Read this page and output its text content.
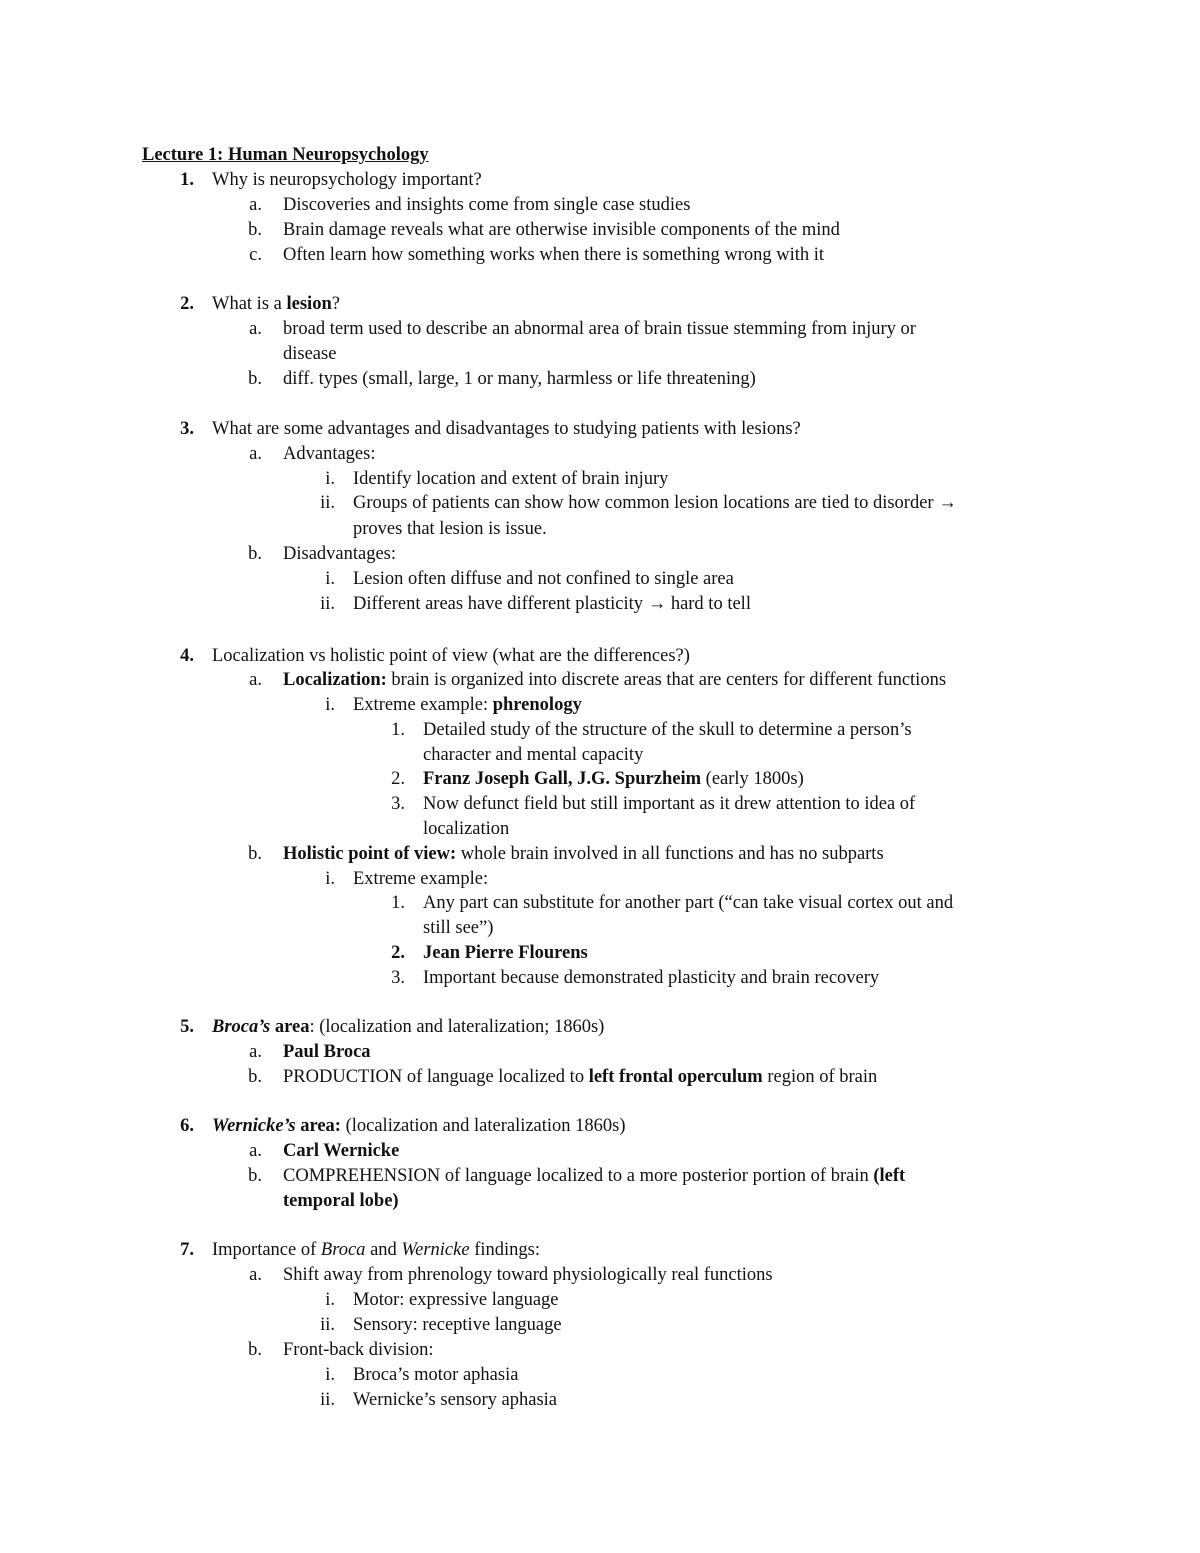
Lecture 1: Human Neuropsychology
1. Why is neuropsychology important?
a. Discoveries and insights come from single case studies
b. Brain damage reveals what are otherwise invisible components of the mind
c. Often learn how something works when there is something wrong with it
2. What is a lesion?
a. broad term used to describe an abnormal area of brain tissue stemming from injury or
disease
b. diff. types (small, large, 1 or many, harmless or life threatening)
3. What are some advantages and disadvantages to studying patients with lesions?
a. Advantages:
i. Identify location and extent of brain injury
ii. Groups of patients can show how common lesion locations are tied to disorder →
proves that lesion is issue.
b. Disadvantages:
i. Lesion often diffuse and not confined to single area
ii. Different areas have different plasticity → hard to tell
4. Localization vs holistic point of view (what are the differences?)
a. Localization: brain is organized into discrete areas that are centers for different functions
i. Extreme example: phrenology
1. Detailed study of the structure of the skull to determine a person’s
character and mental capacity
2. Franz Joseph Gall, J.G. Spurzheim (early 1800s)
3. Now defunct field but still important as it drew attention to idea of
localization
b. Holistic point of view: whole brain involved in all functions and has no subparts
i. Extreme example:
1. Any part can substitute for another part (“can take visual cortex out and
still see”)
2. Jean Pierre Flourens
3. Important because demonstrated plasticity and brain recovery
5. Broca’s area: (localization and lateralization; 1860s)
a. Paul Broca
b. PRODUCTION of language localized to left frontal operculum region of brain
6. Wernicke’s area: (localization and lateralization 1860s)
a. Carl Wernicke
b. COMPREHENSION of language localized to a more posterior portion of brain (left
temporal lobe)
7. Importance of Broca and Wernicke findings:
a. Shift away from phrenology toward physiologically real functions
i. Motor: expressive language
ii. Sensory: receptive language
b. Front-back division:
i. Broca’s motor aphasia
ii. Wernicke’s sensory aphasia
